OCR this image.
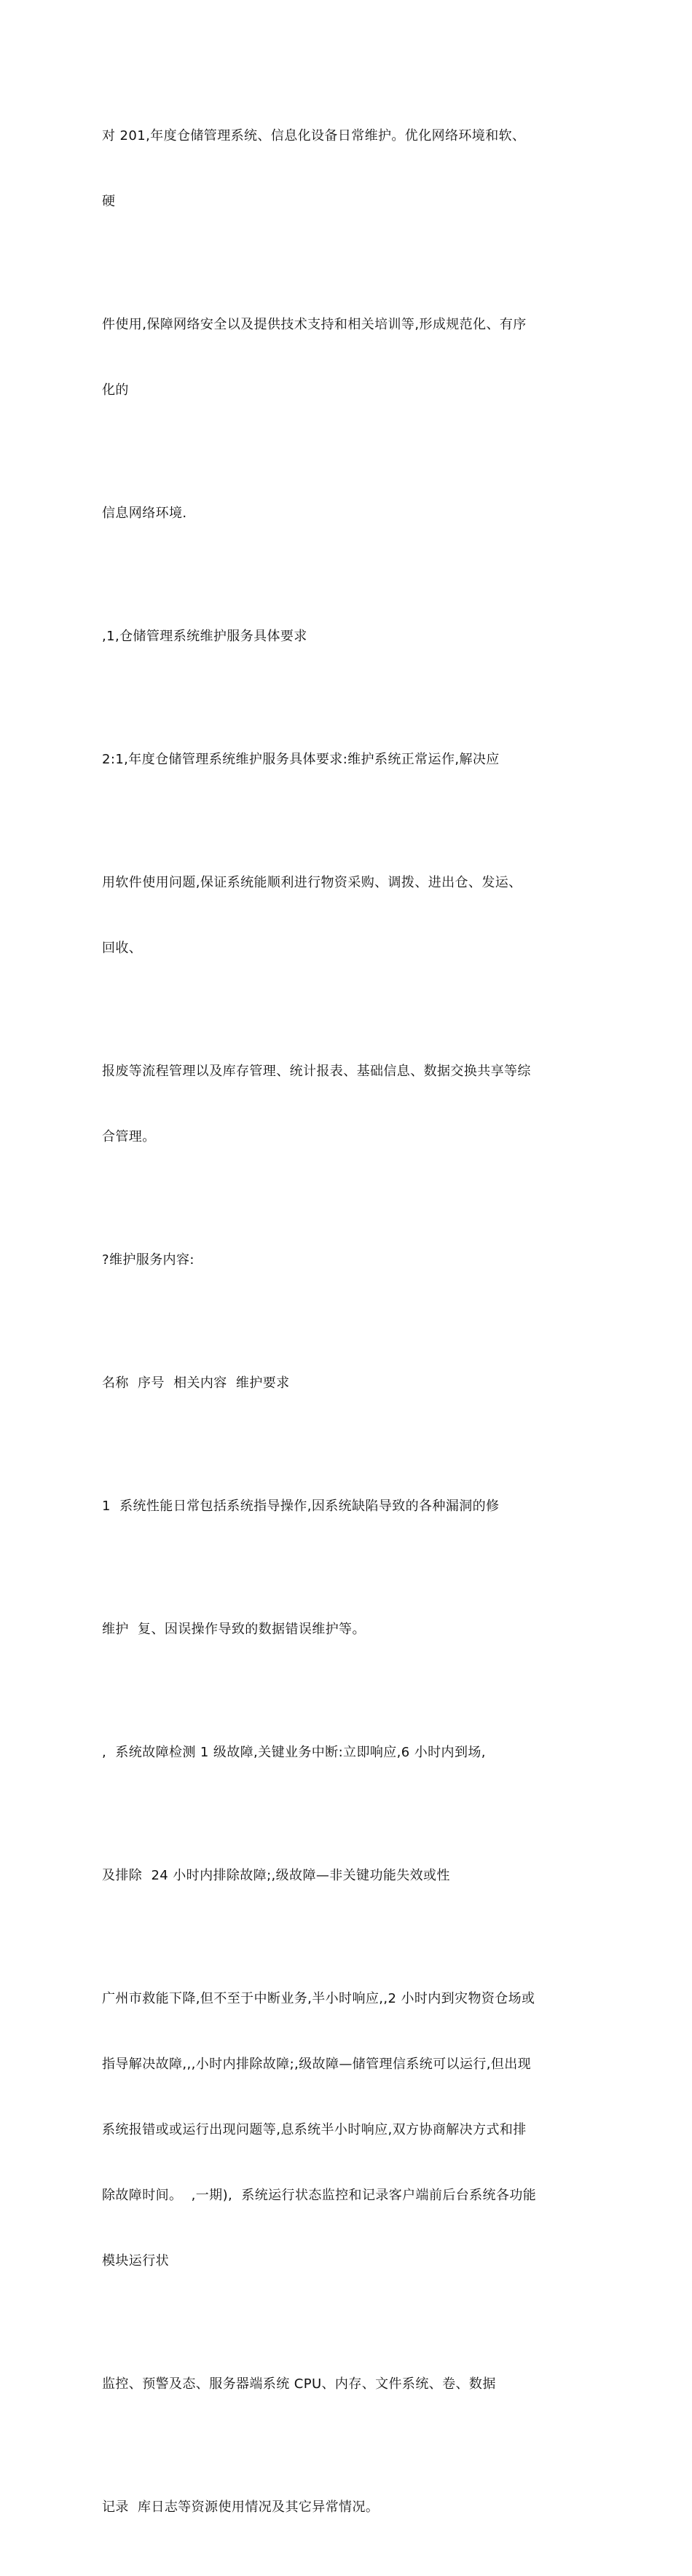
对 201,年度仓储管理系统、信息化设备日常维护。优化网络环境和软、

硬

件使用,保障网络安全以及提供技术支持和相关培训等,形成规范化、有序

化的

信息网络环境.

,1,仓储管理系统维护服务具体要求

2:1,年度仓储管理系统维护服务具体要求:维护系统正常运作,解决应

用软件使用问题,保证系统能顺利进行物资采购、调拨、进出仓、发运、

回收、

报废等流程管理以及库存管理、统计报表、基础信息、数据交换共享等综

合管理。

?维护服务内容:

名称  序号  相关内容  维护要求

1  系统性能日常包括系统指导操作,因系统缺陷导致的各种漏洞的修

维护  复、因误操作导致的数据错误维护等。

,  系统故障检测 1 级故障,关键业务中断:立即响应,6 小时内到场,

及排除  24 小时内排除故障;,级故障—非关键功能失效或性

广州市救能下降,但不至于中断业务,半小时响应,,2 小时内到灾物资仓场或

指导解决故障,,,小时内排除故障;,级故障—储管理信系统可以运行,但出现

系统报错或或运行出现问题等,息系统半小时响应,双方协商解决方式和排

除故障时间。  ,一期),  系统运行状态监控和记录客户端前后台系统各功能

模块运行状

监控、预警及态、服务器端系统 CPU、内存、文件系统、卷、数据

记录  库日志等资源使用情况及其它异常情况。
